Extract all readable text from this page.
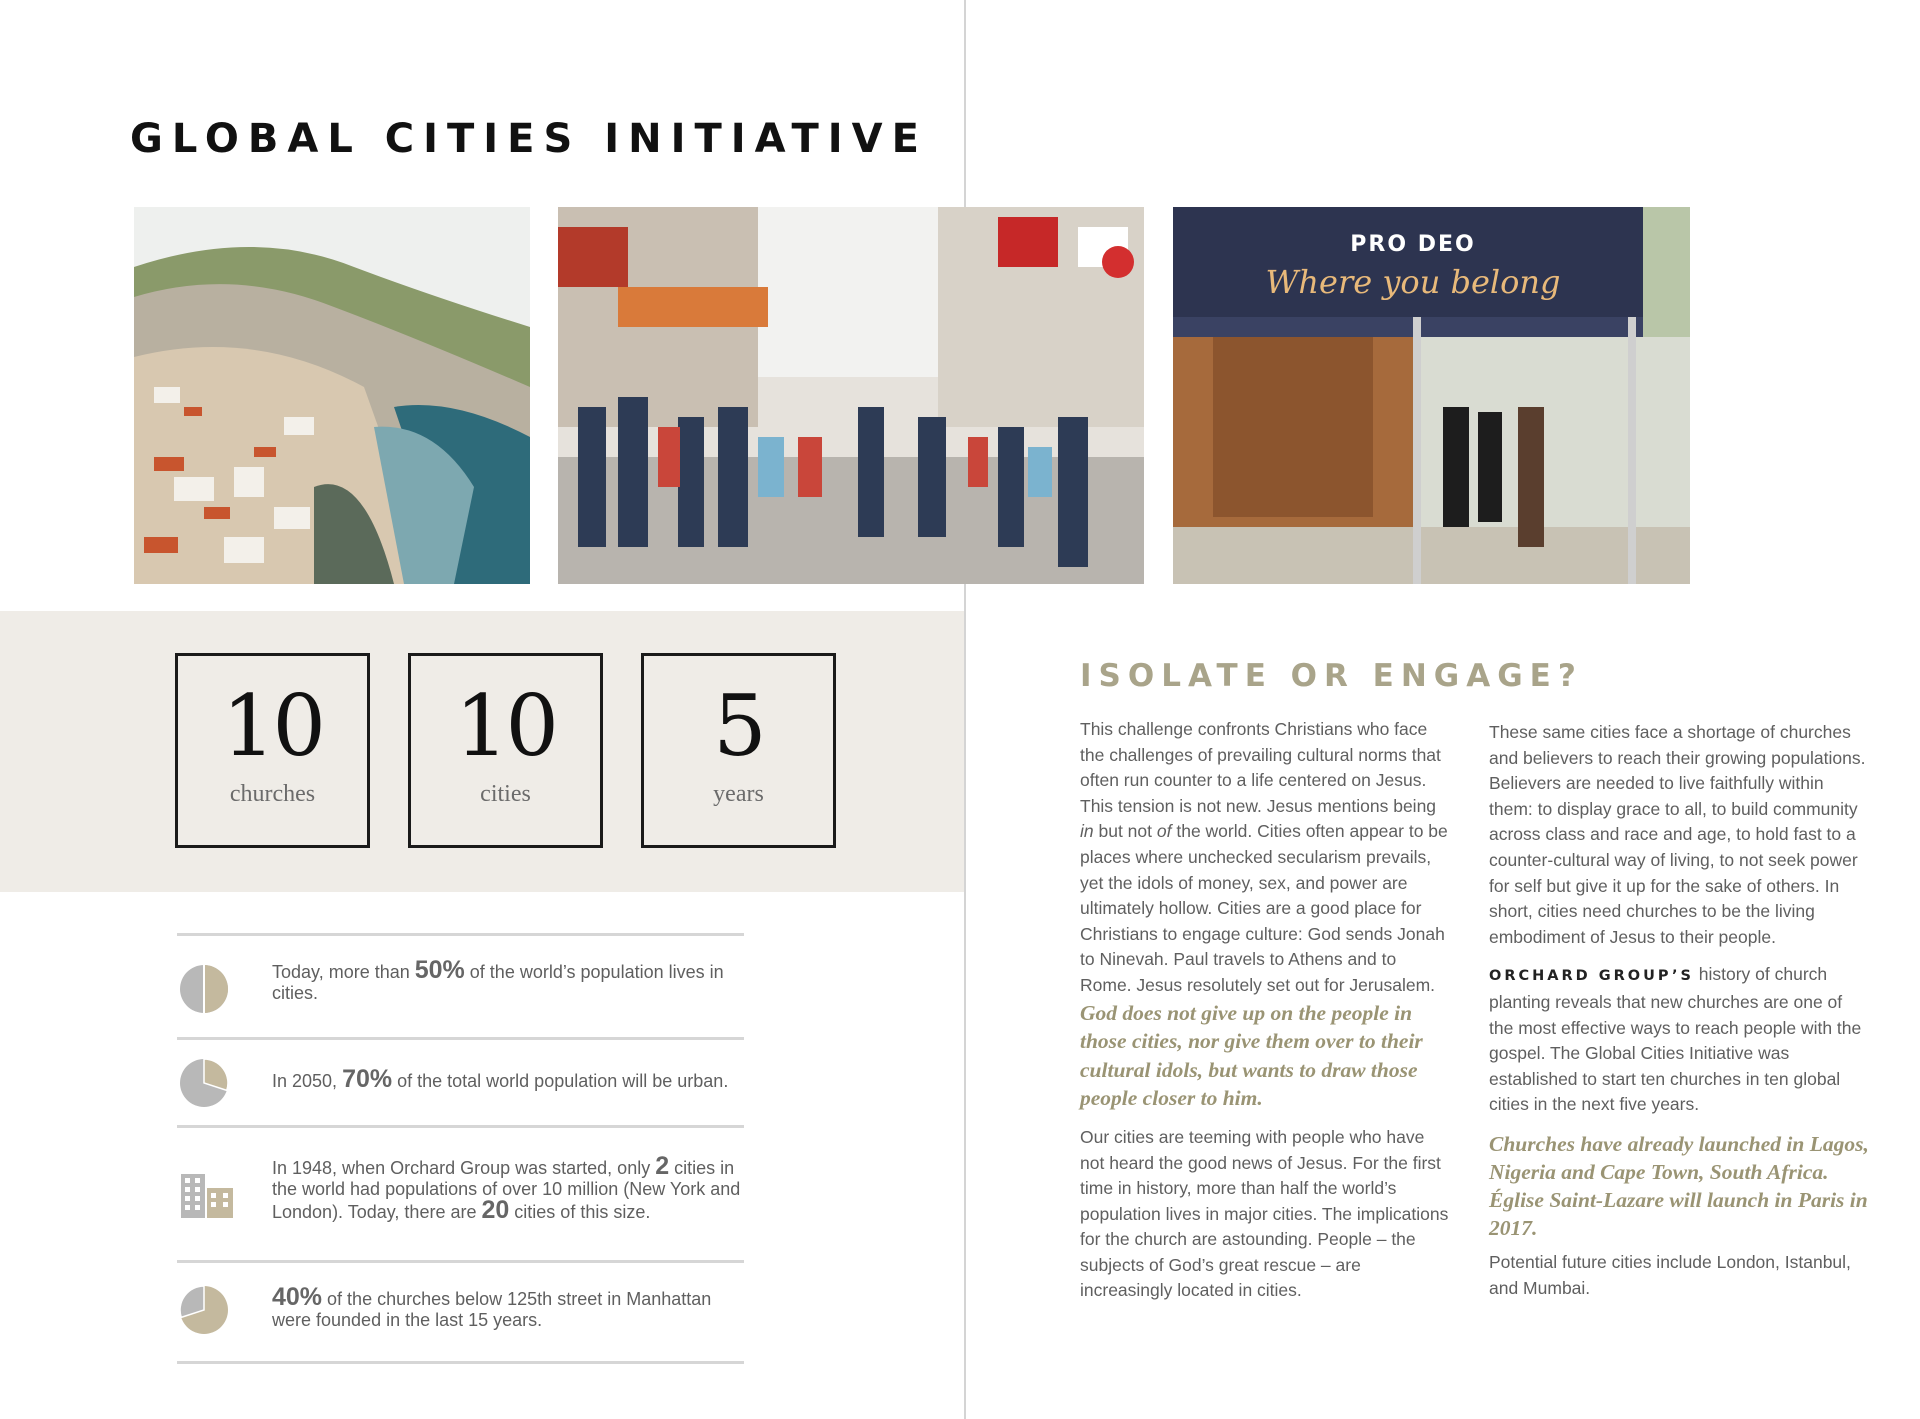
GLOBAL CITIES INITIATIVE
PRO DEO
Where you belong
10
churches
10
cities
5
years
Today, more than 50% of the world’s population lives in cities.
In 2050, 70% of the total world population will be urban.
In 1948, when Orchard Group was started, only 2 cities in the world had populations of over 10 million (New York and London). Today, there are 20 cities of this size.
40% of the churches below 125th street in Manhattan were founded in the last 15 years.
ISOLATE OR ENGAGE?

This challenge confronts Christians who face the challenges of prevailing cultural norms that often run counter to a life centered on Jesus. This tension is not new. Jesus mentions being in but not of the world. Cities often appear to be places where unchecked secularism prevails, yet the idols of money, sex, and power are ultimately hollow. Cities are a good place for Christians to engage culture: God sends Jonah to Ninevah. Paul travels to Athens and to Rome. Jesus resolutely set out for Jerusalem. God does not give up on the people in those cities, nor give them over to their cultural idols, but wants to draw those people closer to him.

Our cities are teeming with people who have not heard the good news of Jesus. For the first time in history, more than half the world’s population lives in major cities. The implications for the church are astounding. People – the subjects of God’s great rescue – are increasingly located in cities.

These same cities face a shortage of churches and believers to reach their growing populations. Believers are needed to live faithfully within them: to display grace to all, to build community across class and race and age, to hold fast to a counter-cultural way of living, to not seek power for self but give it up for the sake of others. In short, cities need churches to be the living embodiment of Jesus to their people.

ORCHARD GROUP’S history of church planting reveals that new churches are one of the most effective ways to reach people with the gospel. The Global Cities Initiative was established to start ten churches in ten global cities in the next five years.

Churches have already launched in Lagos, Nigeria and Cape Town, South Africa. Église Saint-Lazare will launch in Paris in 2017.

Potential future cities include London, Istanbul, and Mumbai.
